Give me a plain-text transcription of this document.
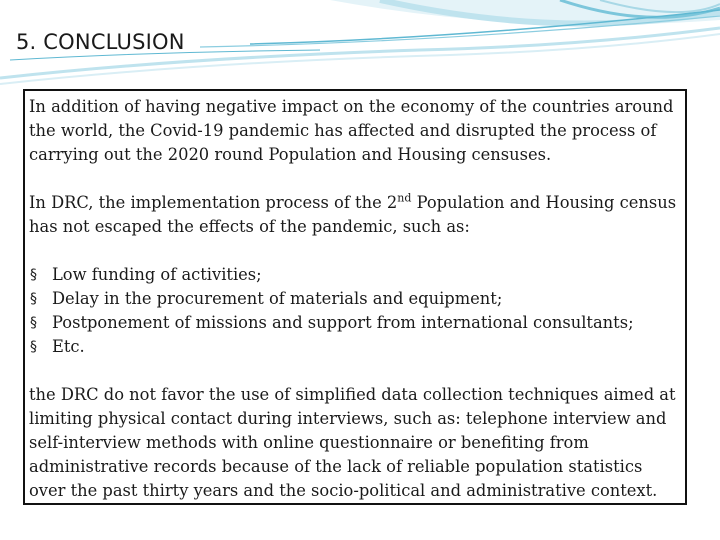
5. CONCLUSION

In addition of having negative impact on the economy of the countries around the world, the Covid-19 pandemic has affected and disrupted the process of carrying out the 2020 round Population and Housing censuses.

In DRC, the implementation process of the 2nd Population and Housing census has not escaped the effects of the pandemic, such as:

§ Low funding of activities;
§ Delay in the procurement of materials and equipment;
§ Postponement of missions and support from international consultants;
§ Etc.

the DRC do not favor the use of simplified data collection techniques aimed at limiting physical contact during interviews, such as: telephone interview and self-interview methods with online questionnaire or benefiting from administrative records because of the lack of reliable population statistics over the past thirty years and the socio-political and administrative context.
